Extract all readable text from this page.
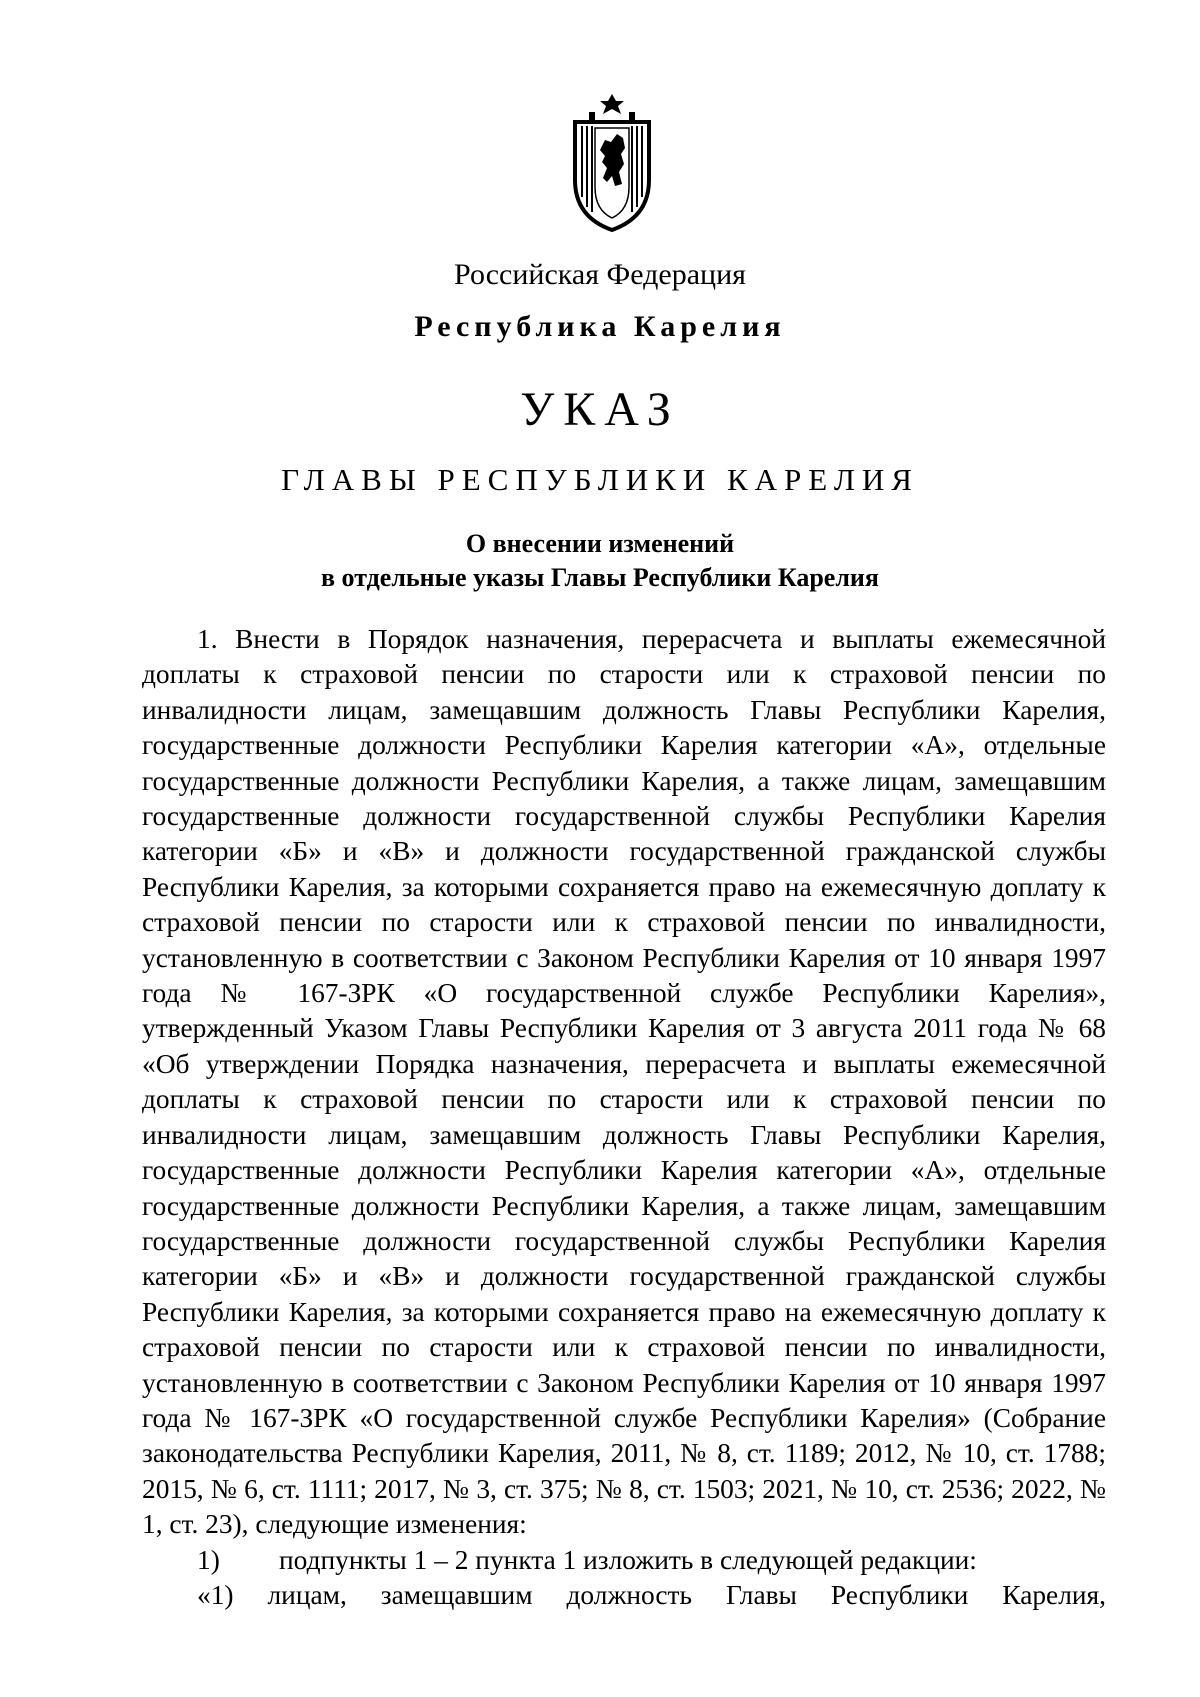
Российская Федерация
Республика Карелия
УКАЗ
ГЛАВЫ РЕСПУБЛИКИ КАРЕЛИЯ
О внесении изменений
в отдельные указы Главы Республики Карелия

1. Внести в Порядок назначения, перерасчета и выплаты ежемесячной доплаты к страховой пенсии по старости или к страховой пенсии по инвалидности лицам, замещавшим должность Главы Республики Карелия, государственные должности Республики Карелия категории «А», отдельные государственные должности Республики Карелия, а также лицам, замещавшим государственные должности государственной службы Республики Карелия категории «Б» и «В» и должности государственной гражданской службы Республики Карелия, за которыми сохраняется право на ежемесячную доплату к страховой пенсии по старости или к страховой пенсии по инвалидности, установленную в соответствии с Законом Республики Карелия от 10 января 1997 года № 167-ЗРК «О государственной службе Республики Карелия», утвержденный Указом Главы Республики Карелия от 3 августа 2011 года № 68 «Об утверждении Порядка назначения, перерасчета и выплаты ежемесячной доплаты к страховой пенсии по старости или к страховой пенсии по инвалидности лицам, замещавшим должность Главы Республики Карелия, государственные должности Республики Карелия категории «А», отдельные государственные должности Республики Карелия, а также лицам, замещавшим государственные должности государственной службы Республики Карелия категории «Б» и «В» и должности государственной гражданской службы Республики Карелия, за которыми сохраняется право на ежемесячную доплату к страховой пенсии по старости или к страховой пенсии по инвалидности, установленную в соответствии с Законом Республики Карелия от 10 января 1997 года № 167-ЗРК «О государственной службе Республики Карелия» (Собрание законодательства Республики Карелия, 2011, № 8, ст. 1189; 2012, № 10, ст. 1788; 2015, № 6, ст. 1111; 2017, № 3, ст. 375; № 8, ст. 1503; 2021, № 10, ст. 2536; 2022, № 1, ст. 23), следующие изменения:

1) подпункты 1 – 2 пункта 1 изложить в следующей редакции:

«1) лицам, замещавшим должность Главы Республики Карелия,
